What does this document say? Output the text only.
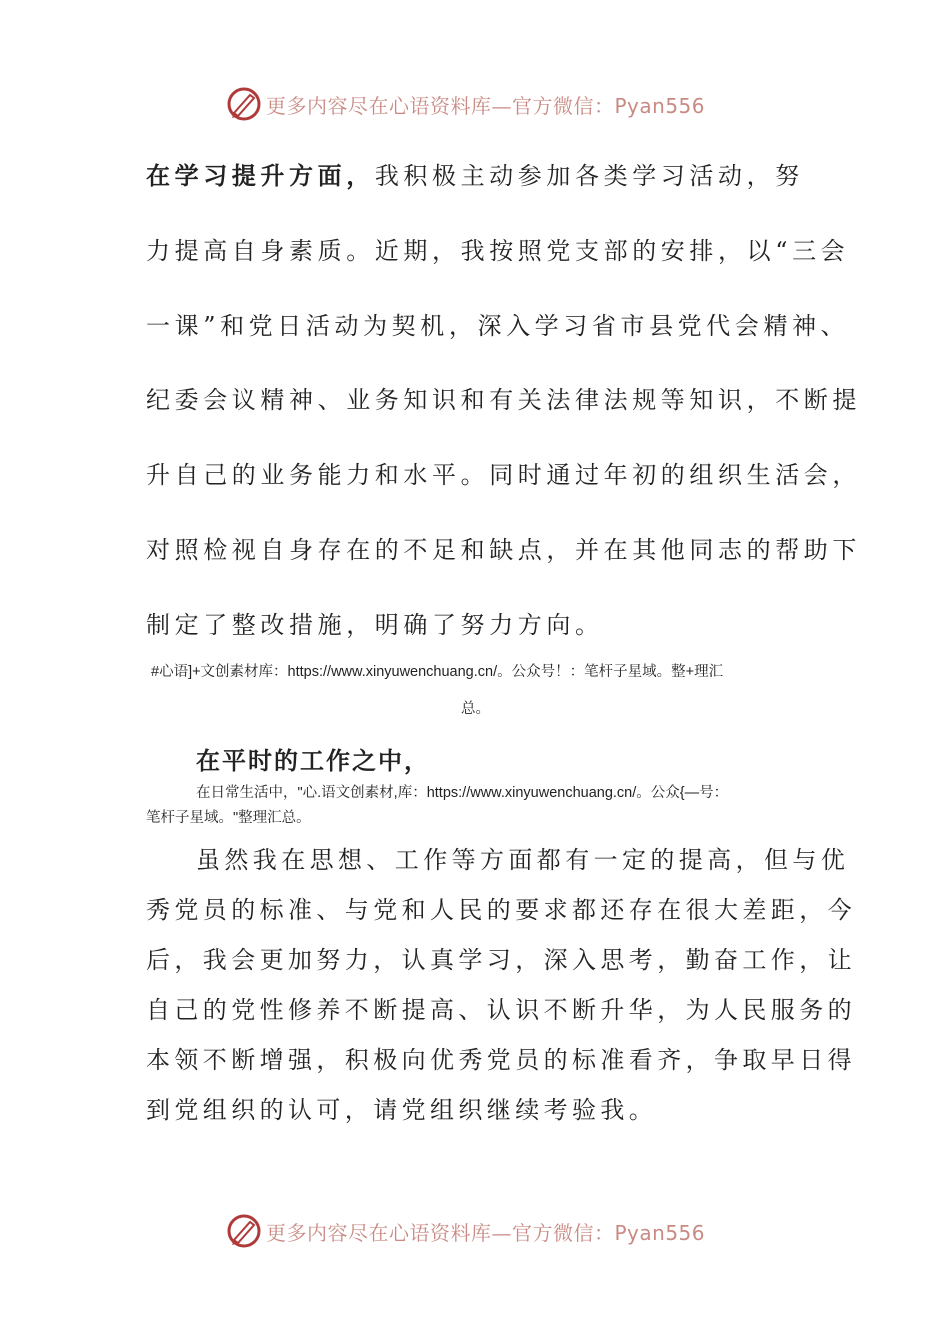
更多内容尽在心语资料库—官方微信：Pyan556
在学习提升方面，我积极主动参加各类学习活动，努
力提高自身素质。近期，我按照党支部的安排，以“三会
一课”和党日活动为契机，深入学习省市县党代会精神、
纪委会议精神、业务知识和有关法律法规等知识，不断提
升自己的业务能力和水平。同时通过年初的组织生活会，
对照检视自身存在的不足和缺点，并在其他同志的帮助下
制定了整改措施，明确了努力方向。
#心语]+文创素材库：https://www.xinyuwenchuang.cn/。公众号！：笔杆子星域。整+理汇
总。
在平时的工作之中，
在日常生活中，"心.语文创素材,库：https://www.xinyuwenchuang.cn/。公众{—号：
笔杆子星域。"整理汇总。
虽然我在思想、工作等方面都有一定的提高，但与优
秀党员的标准、与党和人民的要求都还存在很大差距，今
后，我会更加努力，认真学习，深入思考，勤奋工作，让
自己的党性修养不断提高、认识不断升华，为人民服务的
本领不断增强，积极向优秀党员的标准看齐，争取早日得
到党组织的认可，请党组织继续考验我。
更多内容尽在心语资料库—官方微信：Pyan556
